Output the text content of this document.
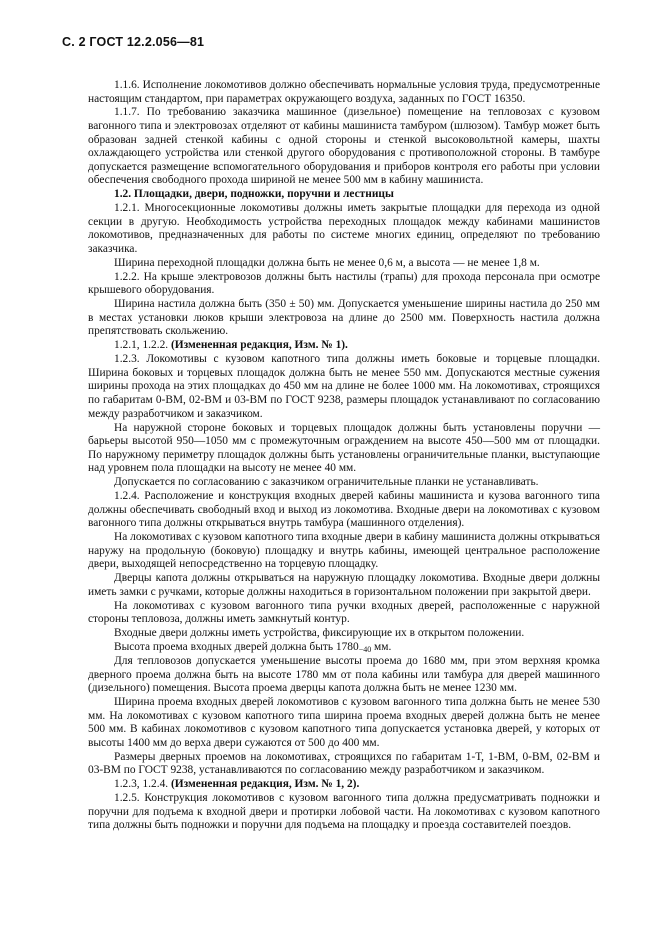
С. 2 ГОСТ 12.2.056—81

1.1.6. Исполнение локомотивов должно обеспечивать нормальные условия труда, предусмотренные настоящим стандартом, при параметрах окружающего воздуха, заданных по ГОСТ 16350.

1.1.7. По требованию заказчика машинное (дизельное) помещение на тепловозах с кузовом вагонного типа и электровозах отделяют от кабины машиниста тамбуром (шлюзом). Тамбур может быть образован задней стенкой кабины с одной стороны и стенкой высоковольтной камеры, шахты охлаждающего устройства или стенкой другого оборудования с противоположной стороны. В тамбуре допускается размещение вспомогательного оборудования и приборов контроля его работы при условии обеспечения свободного прохода шириной не менее 500 мм в кабину машиниста.

1.2. Площадки, двери, подножки, поручни и лестницы

1.2.1. Многосекционные локомотивы должны иметь закрытые площадки для перехода из одной секции в другую. Необходимость устройства переходных площадок между кабинами машинистов локомотивов, предназначенных для работы по системе многих единиц, определяют по требованию заказчика.

Ширина переходной площадки должна быть не менее 0,6 м, а высота — не менее 1,8 м.

1.2.2. На крыше электровозов должны быть настилы (трапы) для прохода персонала при осмотре крышевого оборудования.

Ширина настила должна быть (350 ± 50) мм. Допускается уменьшение ширины настила до 250 мм в местах установки люков крыши электровоза на длине до 2500 мм. Поверхность настила должна препятствовать скольжению.

1.2.1, 1.2.2. (Измененная редакция, Изм. № 1).

1.2.3. Локомотивы с кузовом капотного типа должны иметь боковые и торцевые площадки. Ширина боковых и торцевых площадок должна быть не менее 550 мм. Допускаются местные сужения ширины прохода на этих площадках до 450 мм на длине не более 1000 мм. На локомотивах, строящихся по габаритам 0-ВМ, 02-ВМ и 03-ВМ по ГОСТ 9238, размеры площадок устанавливают по согласованию между разработчиком и заказчиком.

На наружной стороне боковых и торцевых площадок должны быть установлены поручни — барьеры высотой 950—1050 мм с промежуточным ограждением на высоте 450—500 мм от площадки. По наружному периметру площадок должны быть установлены ограничительные планки, выступающие над уровнем пола площадки на высоту не менее 40 мм.

Допускается по согласованию с заказчиком ограничительные планки не устанавливать.

1.2.4. Расположение и конструкция входных дверей кабины машиниста и кузова вагонного типа должны обеспечивать свободный вход и выход из локомотива. Входные двери на локомотивах с кузовом вагонного типа должны открываться внутрь тамбура (машинного отделения).

На локомотивах с кузовом капотного типа входные двери в кабину машиниста должны открываться наружу на продольную (боковую) площадку и внутрь кабины, имеющей центральное расположение двери, выходящей непосредственно на торцевую площадку.

Дверцы капота должны открываться на наружную площадку локомотива. Входные двери должны иметь замки с ручками, которые должны находиться в горизонтальном положении при закрытой двери.

На локомотивах с кузовом вагонного типа ручки входных дверей, расположенные с наружной стороны тепловоза, должны иметь замкнутый контур.

Входные двери должны иметь устройства, фиксирующие их в открытом положении.

Высота проема входных дверей должна быть $1780_{-40}$ мм.

Для тепловозов допускается уменьшение высоты проема до 1680 мм, при этом верхняя кромка дверного проема должна быть на высоте 1780 мм от пола кабины или тамбура для дверей машинного (дизельного) помещения. Высота проема дверцы капота должна быть не менее 1230 мм.

Ширина проема входных дверей локомотивов с кузовом вагонного типа должна быть не менее 530 мм. На локомотивах с кузовом капотного типа ширина проема входных дверей должна быть не менее 500 мм. В кабинах локомотивов с кузовом капотного типа допускается установка дверей, у которых от высоты 1400 мм до верха двери сужаются от 500 до 400 мм.

Размеры дверных проемов на локомотивах, строящихся по габаритам 1-Т, 1-ВМ, 0-ВМ, 02-ВМ и 03-ВМ по ГОСТ 9238, устанавливаются по согласованию между разработчиком и заказчиком.

1.2.3, 1.2.4. (Измененная редакция, Изм. № 1, 2).

1.2.5. Конструкция локомотивов с кузовом вагонного типа должна предусматривать подножки и поручни для подъема к входной двери и протирки лобовой части. На локомотивах с кузовом капотного типа должны быть подножки и поручни для подъема на площадку и проезда составителей поездов.
